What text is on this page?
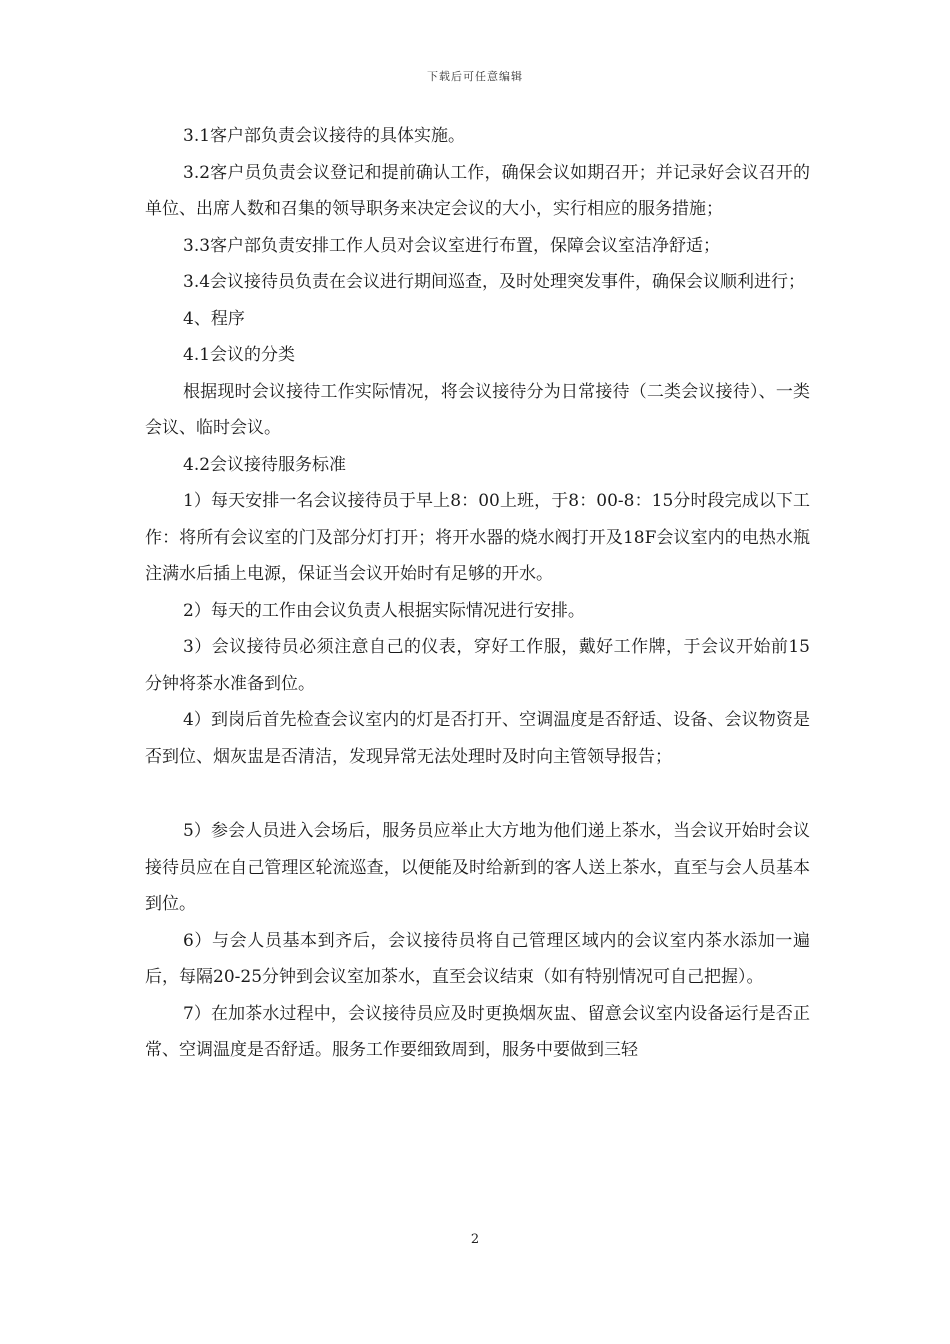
下载后可任意编辑

3.1客户部负责会议接待的具体实施。

3.2客户员负责会议登记和提前确认工作，确保会议如期召开；并记录好会议召开的单位、出席人数和召集的领导职务来决定会议的大小，实行相应的服务措施；

3.3客户部负责安排工作人员对会议室进行布置，保障会议室洁净舒适；

3.4会议接待员负责在会议进行期间巡查，及时处理突发事件，确保会议顺利进行；

4、程序

4.1会议的分类

根据现时会议接待工作实际情况，将会议接待分为日常接待（二类会议接待）、一类会议、临时会议。

4.2会议接待服务标准

1）每天安排一名会议接待员于早上8：00上班，于8：00-8：15分时段完成以下工作：将所有会议室的门及部分灯打开；将开水器的烧水阀打开及18F会议室内的电热水瓶注满水后插上电源，保证当会议开始时有足够的开水。

2）每天的工作由会议负责人根据实际情况进行安排。

3）会议接待员必须注意自己的仪表，穿好工作服，戴好工作牌，于会议开始前15分钟将茶水准备到位。

4）到岗后首先检查会议室内的灯是否打开、空调温度是否舒适、设备、会议物资是否到位、烟灰盅是否清洁，发现异常无法处理时及时向主管领导报告；

5）参会人员进入会场后，服务员应举止大方地为他们递上茶水，当会议开始时会议接待员应在自己管理区轮流巡查，以便能及时给新到的客人送上茶水，直至与会人员基本到位。

6）与会人员基本到齐后，会议接待员将自己管理区域内的会议室内茶水添加一遍后，每隔20-25分钟到会议室加茶水，直至会议结束（如有特别情况可自己把握）。

7）在加茶水过程中，会议接待员应及时更换烟灰盅、留意会议室内设备运行是否正常、空调温度是否舒适。服务工作要细致周到，服务中要做到三轻

2
